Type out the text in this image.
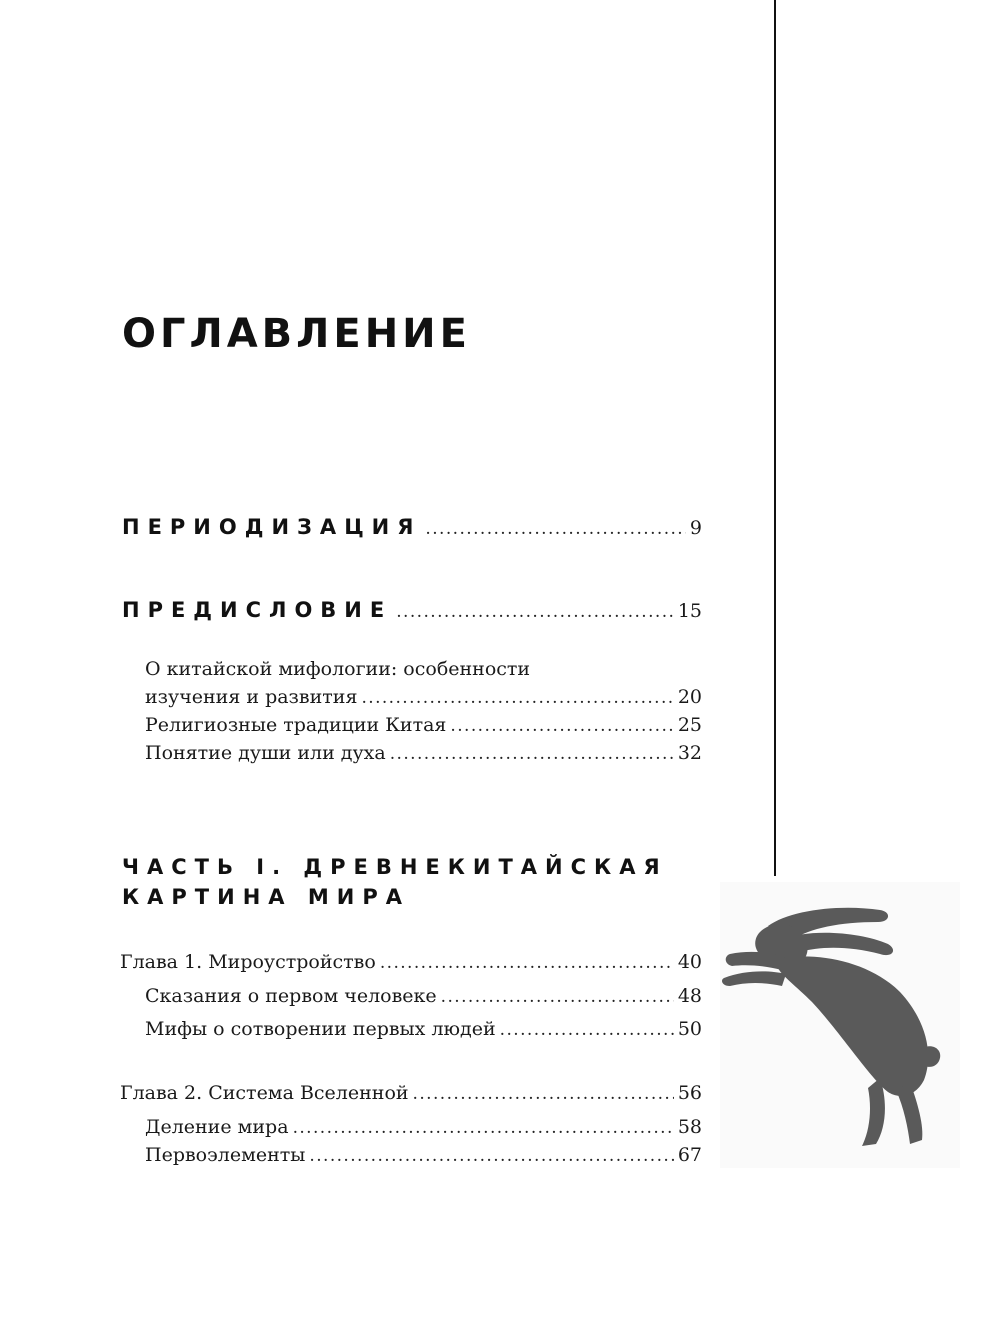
ОГЛАВЛЕНИЕ
ПЕРИОДИЗАЦИЯ . . .	9
ПРЕДИСЛОВИЕ . . .	15
О китайской мифологии: особенности
изучения и развития . . .	20
Религиозные традиции Китая . . .	25
Понятие души или духа . . .	32
ЧАСТЬ I. ДРЕВНЕКИТАЙСКАЯ
КАРТИНА МИРА
Глава 1. Мироустройство . . .	40
Сказания о первом человеке . . .	48
Мифы о сотворении первых людей . . .	50
Глава 2. Система Вселенной . . .	56
Деление мира . . .	58
Первоэлементы . . .	67
